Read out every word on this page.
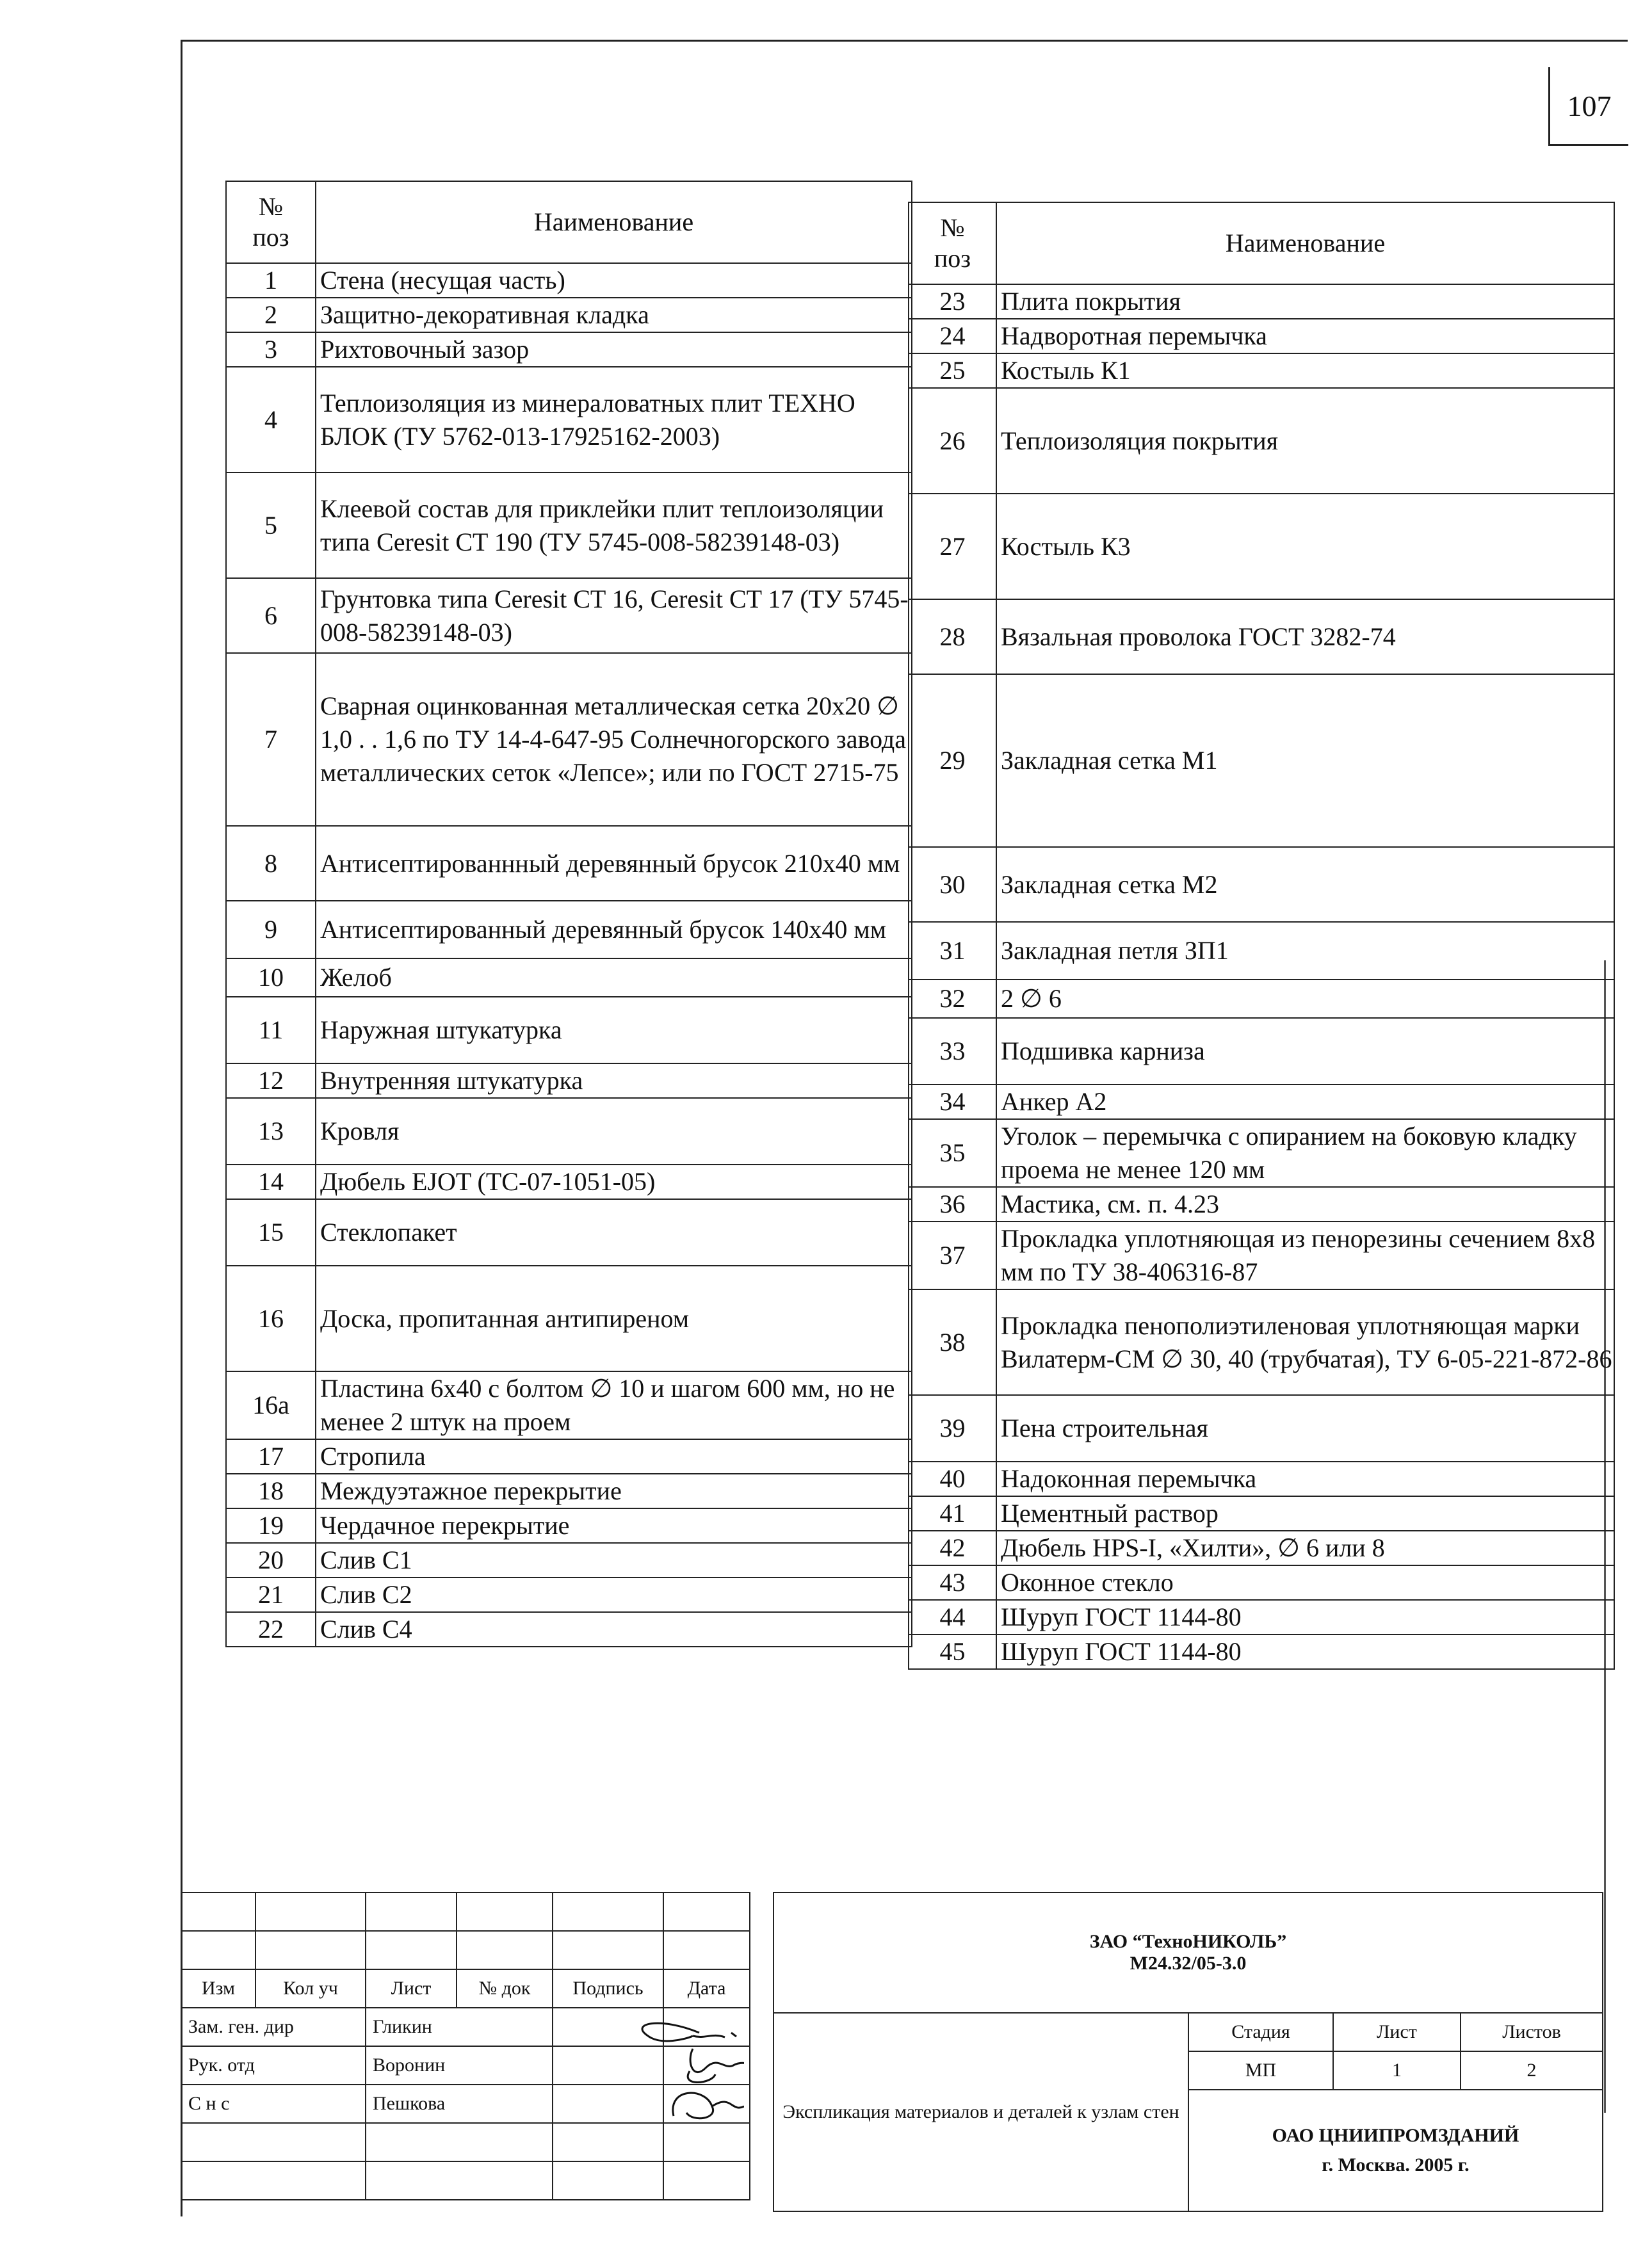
107
№
поз	Наименование
1	Стена (несущая часть)
2	Защитно-декоративная кладка
3	Рихтовочный зазор
4	Теплоизоляция из минераловатных плит ТЕХНО БЛОК (ТУ 5762-013-17925162-2003)
5	Клеевой состав для приклейки плит теплоизоляции типа Ceresit CT 190 (ТУ 5745-008-58239148-03)
6	Грунтовка типа Ceresit CT 16, Ceresit CT 17 (ТУ 5745-008-58239148-03)
7	Сварная оцинкованная металлическая сетка 20х20 ∅ 1,0 . . 1,6 по ТУ 14-4-647-95 Солнечногорского завода металлических сеток «Лепсе»; или по ГОСТ 2715-75
8	Антисептированнный деревянный брусок 210х40 мм
9	Антисептированный деревянный брусок 140х40 мм
10	Желоб
11	Наружная штукатурка
12	Внутренняя штукатурка
13	Кровля
14	Дюбель EJOT (ТС-07-1051-05)
15	Стеклопакет
16	Доска, пропитанная антипиреном
16а	Пластина 6х40 с болтом ∅ 10 и шагом 600 мм, но не менее 2 штук на проем
17	Стропила
18	Междуэтажное перекрытие
19	Чердачное перекрытие
20	Слив С1
21	Слив С2
22	Слив С4
№
поз	Наименование
23	Плита покрытия
24	Надворотная перемычка
25	Костыль К1
26	Теплоизоляция покрытия
27	Костыль К3
28	Вязальная проволока ГОСТ 3282-74
29	Закладная сетка М1
30	Закладная сетка М2
31	Закладная петля ЗП1
32	2 ∅ 6
33	Подшивка карниза
34	Анкер А2
35	Уголок – перемычка с опиранием на боковую кладку проема не менее 120 мм
36	Мастика, см. п. 4.23
37	Прокладка уплотняющая из пенорезины сечением 8х8 мм по ТУ 38-406316-87
38	Прокладка пенополиэтиленовая уплотняющая марки Вилатерм-СМ ∅ 30, 40 (трубчатая), ТУ 6-05-221-872-86
39	Пена строительная
40	Надоконная перемычка
41	Цементный раствор
42	Дюбель HPS-I, «Хилти», ∅ 6 или 8
43	Оконное стекло
44	Шуруп ГОСТ 1144-80
45	Шуруп ГОСТ 1144-80
Изм	Кол уч	Лист	№ док	Подпись	Дата
Зам. ген. дир	Гликин
Рук. отд	Воронин
С н с	Пешкова
ЗАО “ТехноНИКОЛЬ”
М24.32/05-3.0
Экспликация материалов и деталей к узлам стен
Стадия	Лист	Листов
МП	1	2
ОАО ЦНИИПРОМЗДАНИЙ
г. Москва. 2005 г.
